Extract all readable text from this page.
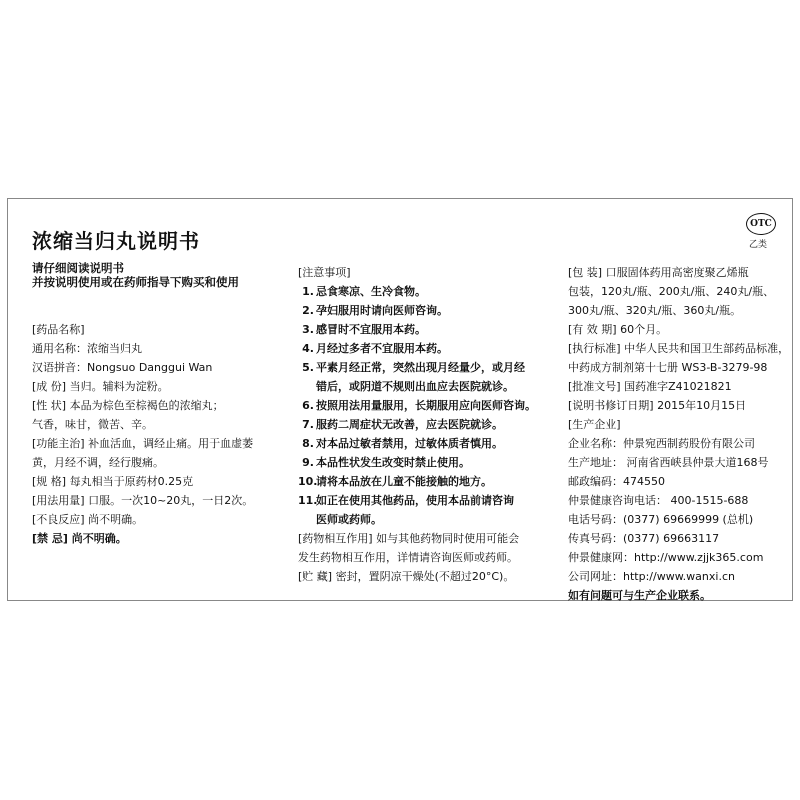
浓缩当归丸说明书
OTC
乙类
请仔细阅读说明书
并按说明使用或在药师指导下购买和使用
[药品名称]
通用名称：浓缩当归丸
汉语拼音：Nongsuo Danggui Wan
[成 份] 当归。辅料为淀粉。
[性 状] 本品为棕色至棕褐色的浓缩丸；
气香，味甘，微苦、辛。
[功能主治] 补血活血，调经止痛。用于血虚萎
黄，月经不调，经行腹痛。
[规 格] 每丸相当于原药材0.25克
[用法用量] 口服。一次10~20丸，一日2次。
[不良反应] 尚不明确。
[禁 忌] 尚不明确。
[注意事项]
1. 忌食寒凉、生冷食物。
2. 孕妇服用时请向医师咨询。
3. 感冒时不宜服用本药。
4. 月经过多者不宜服用本药。
5. 平素月经正常，突然出现月经量少，或月经
错后，或阴道不规则出血应去医院就诊。
6. 按照用法用量服用，长期服用应向医师咨询。
7. 服药二周症状无改善，应去医院就诊。
8. 对本品过敏者禁用，过敏体质者慎用。
9. 本品性状发生改变时禁止使用。
10.请将本品放在儿童不能接触的地方。
11.如正在使用其他药品，使用本品前请咨询
医师或药师。
[药物相互作用] 如与其他药物同时使用可能会
发生药物相互作用，详情请咨询医师或药师。
[贮 藏] 密封，置阴凉干燥处(不超过20°C)。
[包 装] 口服固体药用高密度聚乙烯瓶
包装，120丸/瓶、200丸/瓶、240丸/瓶、
300丸/瓶、320丸/瓶、360丸/瓶。
[有 效 期] 60个月。
[执行标准] 中华人民共和国卫生部药品标准，
中药成方制剂第十七册 WS3-B-3279-98
[批准文号] 国药准字Z41021821
[说明书修订日期] 2015年10月15日
[生产企业]
企业名称：仲景宛西制药股份有限公司
生产地址： 河南省西峡县仲景大道168号
邮政编码：474550
仲景健康咨询电话： 400-1515-688
电话号码：(0377) 69669999 (总机)
传真号码：(0377) 69663117
仲景健康网：http://www.zjjk365.com
公司网址：http://www.wanxi.cn
如有问题可与生产企业联系。
